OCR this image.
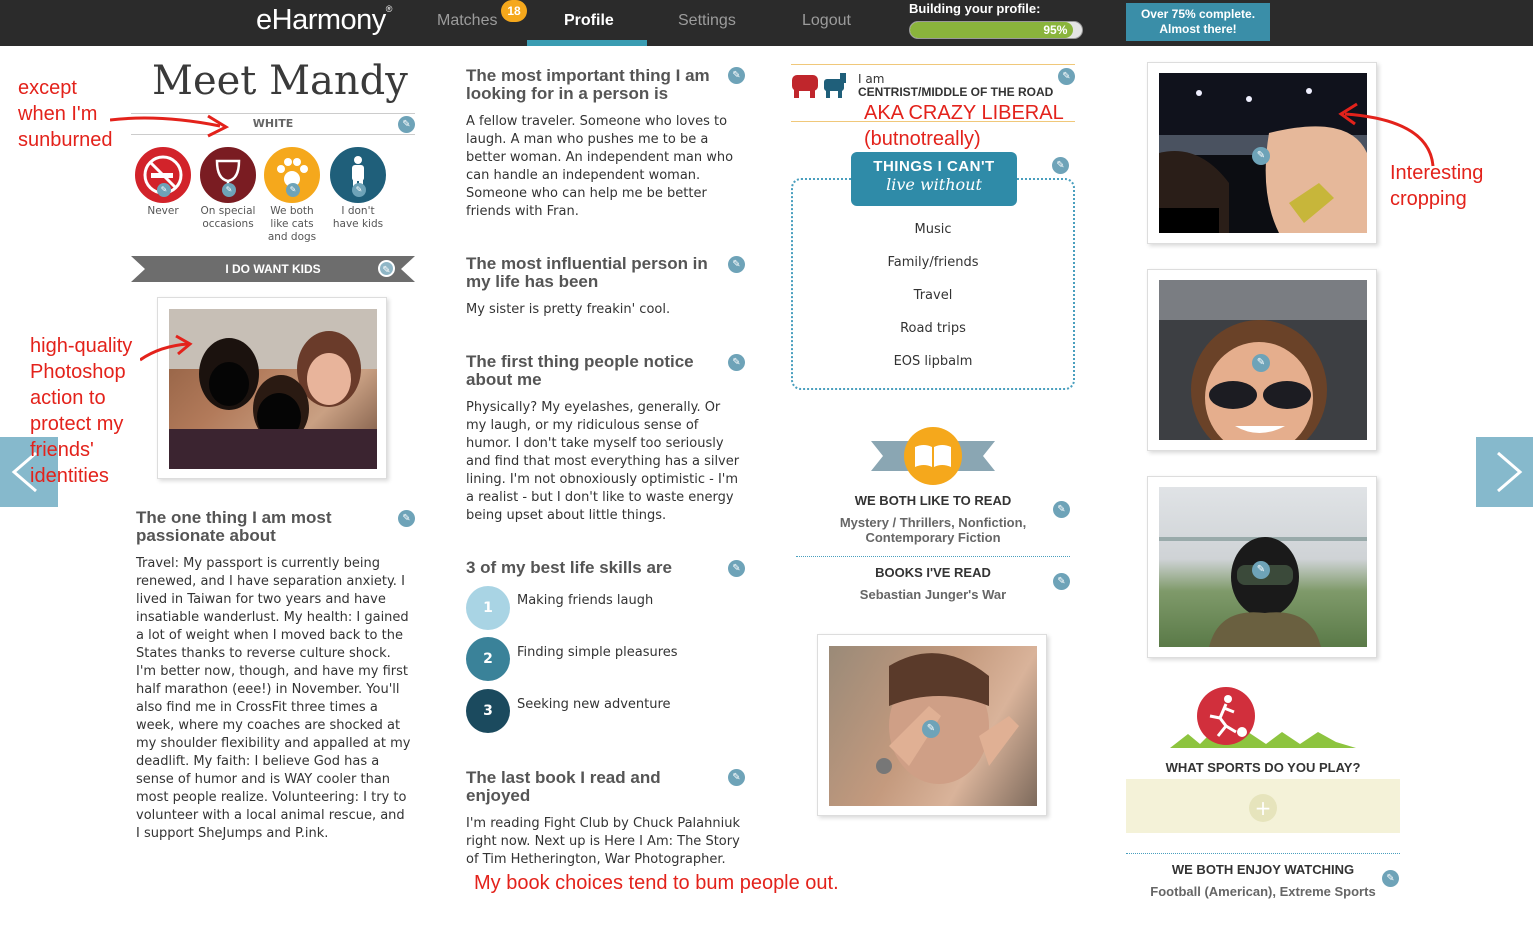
eHarmony®
Matches
18
Profile	Settings	Logout
Building your profile:
95%
Over 75% complete.
Almost there!
Meet Mandy
WHITE	✎
✎
Never
✎
On special occasions
✎
We both like cats and dogs
✎
I don't have kids
I DO WANT KIDS	✎
The one thing I am most passionate about
✎
Travel: My passport is currently being renewed, and I have separation anxiety. I lived in Taiwan for two years and have insatiable wanderlust. My health: I gained a lot of weight when I moved back to the States thanks to reverse culture shock. I'm better now, though, and have my first half marathon (eee!) in November. You'll also find me in CrossFit three times a week, where my coaches are shocked at my shoulder flexibility and appalled at my deadlift. My faith: I believe God has a sense of humor and is WAY cooler than most people realize. Volunteering: I try to volunteer with a local animal rescue, and I support SheJumps and P.ink.
The most important thing I am looking for in a person is
✎
A fellow traveler. Someone who loves to laugh. A man who pushes me to be a better woman. An independent man who can handle an independent woman. Someone who can help me be better friends with Fran.
The most influential person in my life has been
✎
My sister is pretty freakin' cool.
The first thing people notice about me
✎
Physically? My eyelashes, generally. Or my laugh, or my ridiculous sense of humor. I don't take myself too seriously and find that most everything has a silver lining. I'm not obnoxiously optimistic - I'm a realist - but I don't like to waste energy being upset about little things.
3 of my best life skills are	✎
1	Making friends laugh
2	Finding simple pleasures
3	Seeking new adventure
The last book I read and enjoyed
✎
I'm reading Fight Club by Chuck Palahniuk right now. Next up is Here I Am: The Story of Tim Hetherington, War Photographer.
I am
CENTRIST/MIDDLE OF THE ROAD
✎
THINGS I CAN'T
live without
✎
Music
Family/friends
Travel
Road trips
EOS lipbalm
WE BOTH LIKE TO READ
✎
Mystery / Thrillers, Nonfiction, Contemporary Fiction
BOOKS I'VE READ
✎
Sebastian Junger's War
✎
✎
✎
✎
WHAT SPORTS DO YOU PLAY?
+
WE BOTH ENJOY WATCHING
✎
Football (American), Extreme Sports
except when I'm sunburned
high-quality Photoshop action to protect my friends' identities
AKA CRAZY LIBERAL
(butnotreally)
Interesting cropping
My book choices tend to bum people out.
